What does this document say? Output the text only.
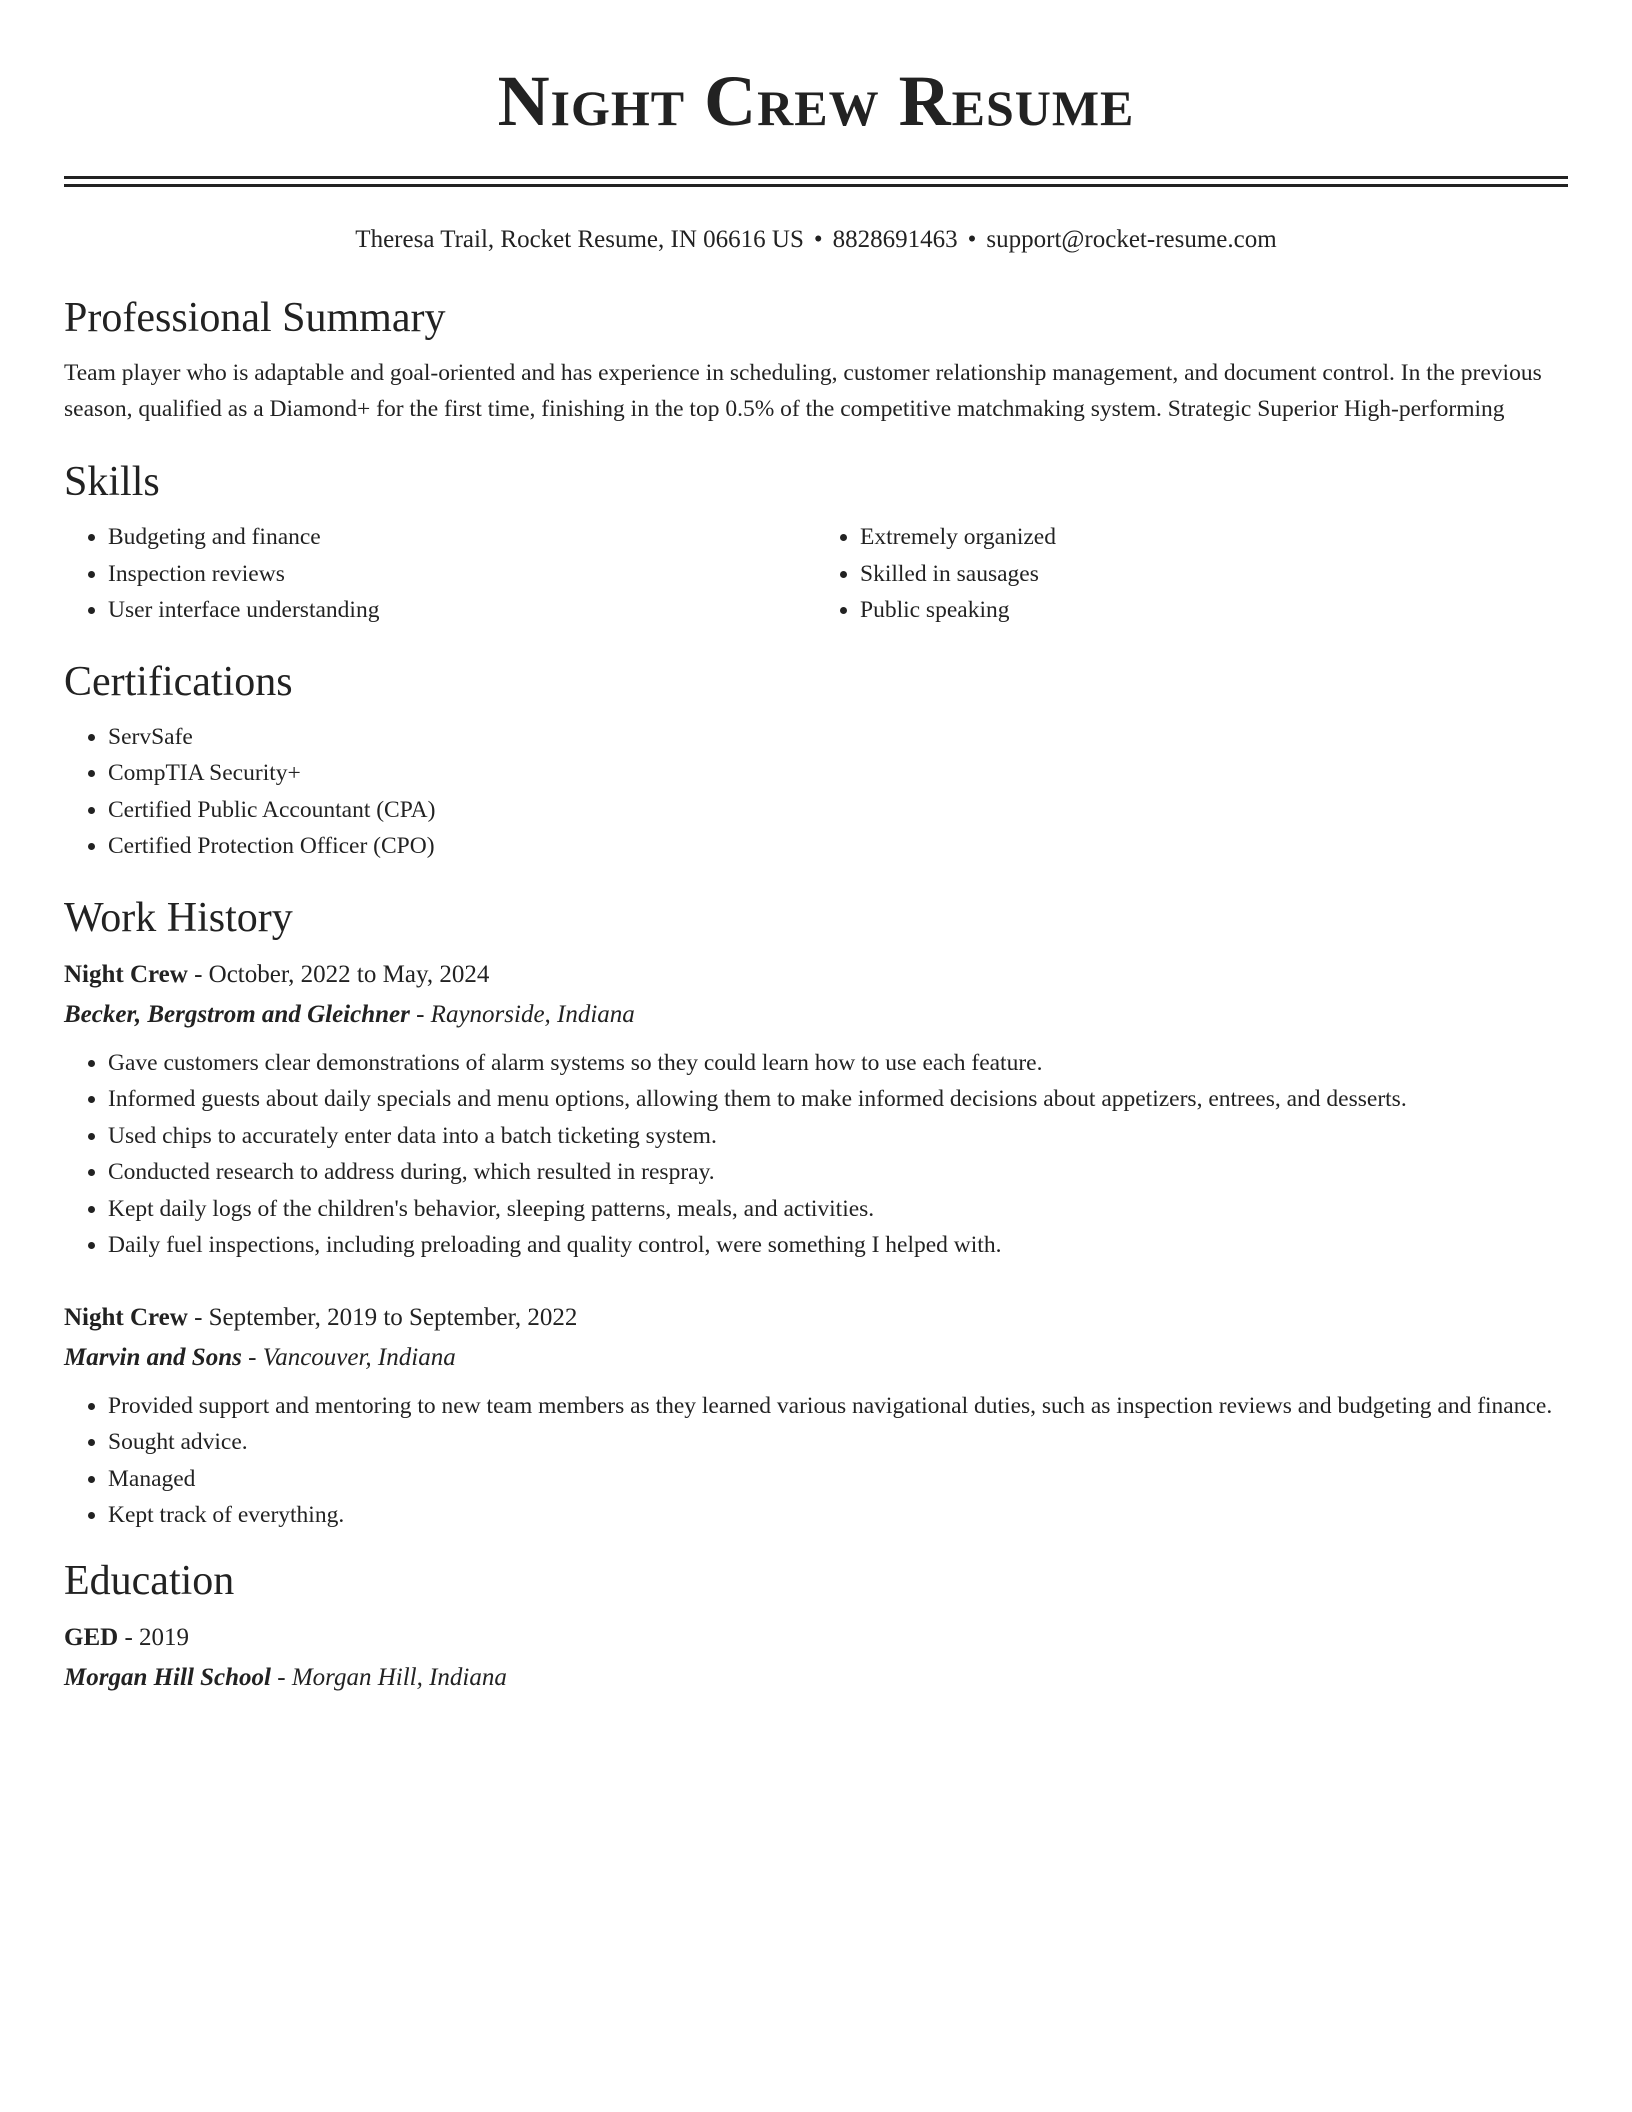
Night Crew Resume
Theresa Trail, Rocket Resume, IN 06616 US • 8828691463 • support@rocket-resume.com
Professional Summary
Team player who is adaptable and goal-oriented and has experience in scheduling, customer relationship management, and document control. In the previous season, qualified as a Diamond+ for the first time, finishing in the top 0.5% of the competitive matchmaking system. Strategic Superior High-performing
Skills
• Budgeting and finance
• Inspection reviews
• User interface understanding
• Extremely organized
• Skilled in sausages
• Public speaking
Certifications
• ServSafe
• CompTIA Security+
• Certified Public Accountant (CPA)
• Certified Protection Officer (CPO)
Work History
Night Crew - October, 2022 to May, 2024
Becker, Bergstrom and Gleichner - Raynorside, Indiana
• Gave customers clear demonstrations of alarm systems so they could learn how to use each feature.
• Informed guests about daily specials and menu options, allowing them to make informed decisions about appetizers, entrees, and desserts.
• Used chips to accurately enter data into a batch ticketing system.
• Conducted research to address during, which resulted in respray.
• Kept daily logs of the children's behavior, sleeping patterns, meals, and activities.
• Daily fuel inspections, including preloading and quality control, were something I helped with.
Night Crew - September, 2019 to September, 2022
Marvin and Sons - Vancouver, Indiana
• Provided support and mentoring to new team members as they learned various navigational duties, such as inspection reviews and budgeting and finance.
• Sought advice.
• Managed
• Kept track of everything.
Education
GED - 2019
Morgan Hill School - Morgan Hill, Indiana
